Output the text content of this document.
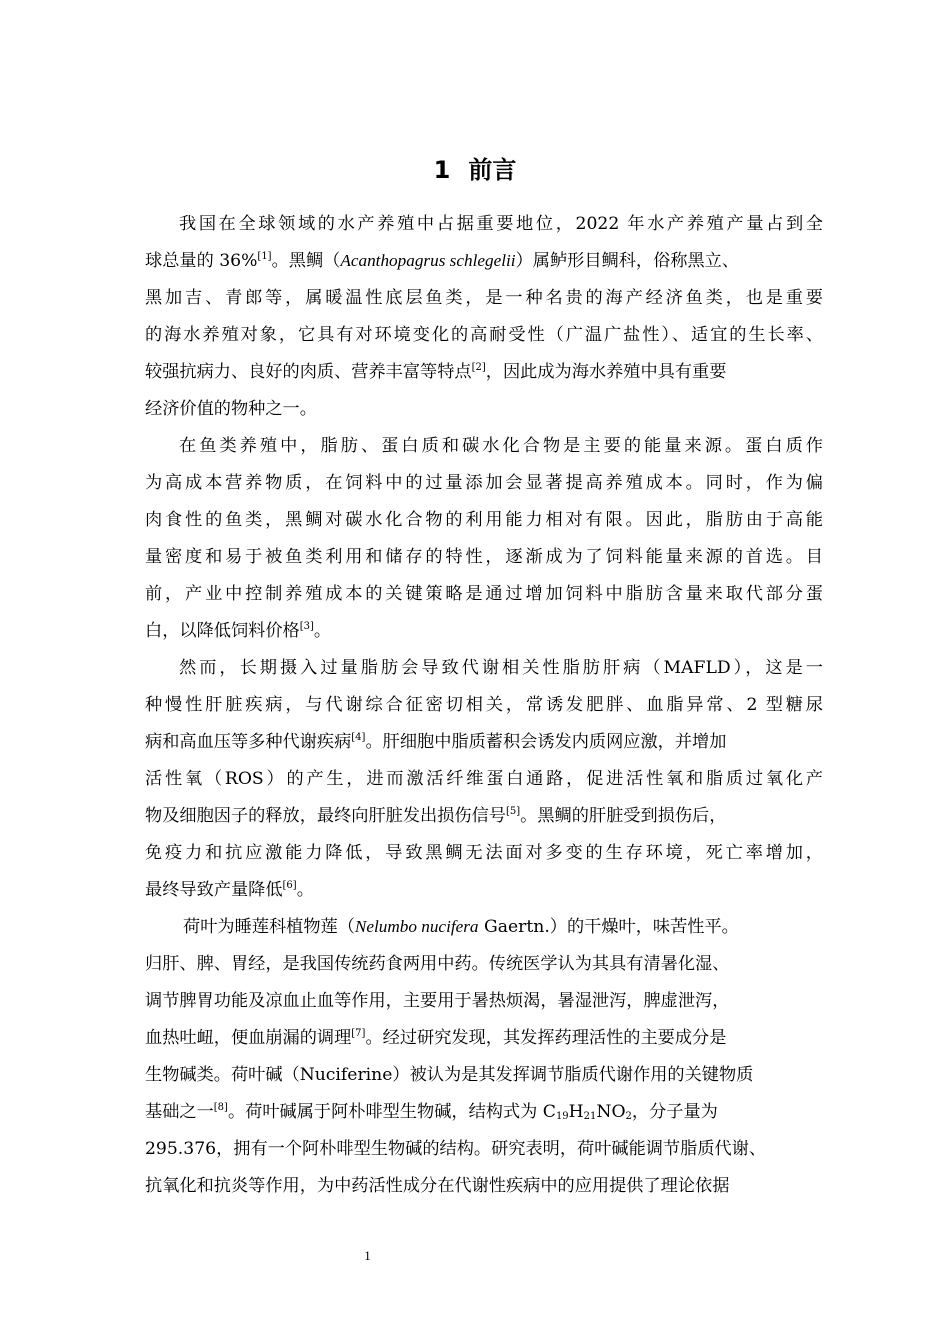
1 前言
我国在全球领域的水产养殖中占据重要地位，2022 年水产养殖产量占到全
球总量的 36%[1]。黑鲷（Acanthopagrus schlegelii）属鲈形目鲷科，俗称黑立、
黑加吉、青郎等，属暖温性底层鱼类，是一种名贵的海产经济鱼类，也是重要
的海水养殖对象，它具有对环境变化的高耐受性（广温广盐性）、适宜的生长率、
较强抗病力、良好的肉质、营养丰富等特点[2]，因此成为海水养殖中具有重要
经济价值的物种之一。
在鱼类养殖中，脂肪、蛋白质和碳水化合物是主要的能量来源。蛋白质作
为高成本营养物质，在饲料中的过量添加会显著提高养殖成本。同时，作为偏
肉食性的鱼类，黑鲷对碳水化合物的利用能力相对有限。因此，脂肪由于高能
量密度和易于被鱼类利用和储存的特性，逐渐成为了饲料能量来源的首选。目
前，产业中控制养殖成本的关键策略是通过增加饲料中脂肪含量来取代部分蛋
白，以降低饲料价格[3]。
然而，长期摄入过量脂肪会导致代谢相关性脂肪肝病（MAFLD），这是一
种慢性肝脏疾病，与代谢综合征密切相关，常诱发肥胖、血脂异常、2 型糖尿
病和高血压等多种代谢疾病[4]。肝细胞中脂质蓄积会诱发内质网应激，并增加
活性氧（ROS）的产生，进而激活纤维蛋白通路，促进活性氧和脂质过氧化产
物及细胞因子的释放，最终向肝脏发出损伤信号[5]。黑鲷的肝脏受到损伤后，
免疫力和抗应激能力降低，导致黑鲷无法面对多变的生存环境，死亡率增加，
最终导致产量降低[6]。
荷叶为睡莲科植物莲（Nelumbo nucifera Gaertn.）的干燥叶，味苦性平。
归肝、脾、胃经，是我国传统药食两用中药。传统医学认为其具有清暑化湿、
调节脾胃功能及凉血止血等作用，主要用于暑热烦渴，暑湿泄泻，脾虚泄泻，
血热吐衄，便血崩漏的调理[7]。经过研究发现，其发挥药理活性的主要成分是
生物碱类。荷叶碱（Nuciferine）被认为是其发挥调节脂质代谢作用的关键物质
基础之一[8]。荷叶碱属于阿朴啡型生物碱，结构式为 $C_{19}H_{21}NO_2$，分子量为
295.376，拥有一个阿朴啡型生物碱的结构。研究表明，荷叶碱能调节脂质代谢、
抗氧化和抗炎等作用，为中药活性成分在代谢性疾病中的应用提供了理论依据
1
